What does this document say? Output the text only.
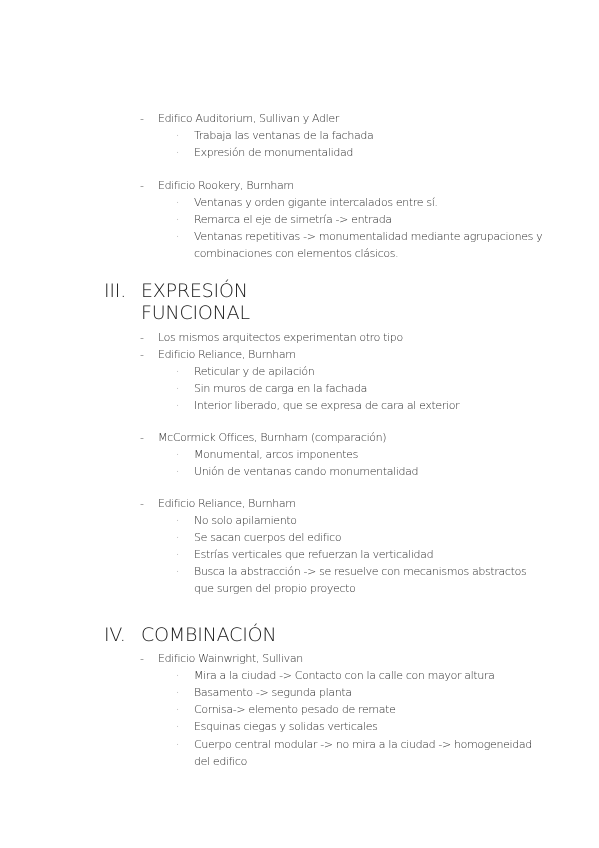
- Edifico Auditorium, Sullivan y Adler
· Trabaja las ventanas de la fachada
· Expresión de monumentalidad
- Edificio Rookery, Burnham
· Ventanas y orden gigante intercalados entre sí.
· Remarca el eje de simetría -> entrada
· Ventanas repetitivas -> monumentalidad mediante agrupaciones y
combinaciones con elementos clásicos.
III. EXPRESIÓN FUNCIONAL
- Los mismos arquitectos experimentan otro tipo
- Edificio Reliance, Burnham
· Reticular y de apilación
· Sin muros de carga en la fachada
· Interior liberado, que se expresa de cara al exterior
- McCormick Offices, Burnham (comparación)
· Monumental, arcos imponentes
· Unión de ventanas cando monumentalidad
- Edificio Reliance, Burnham
· No solo apilamiento
· Se sacan cuerpos del edifico
· Estrías verticales que refuerzan la verticalidad
· Busca la abstracción -> se resuelve con mecanismos abstractos
que surgen del propio proyecto
IV. COMBINACIÓN
- Edificio Wainwright, Sullivan
· Mira a la ciudad -> Contacto con la calle con mayor altura
· Basamento -> segunda planta
· Cornisa-> elemento pesado de remate
· Esquinas ciegas y solidas verticales
· Cuerpo central modular -> no mira a la ciudad -> homogeneidad
del edifico
